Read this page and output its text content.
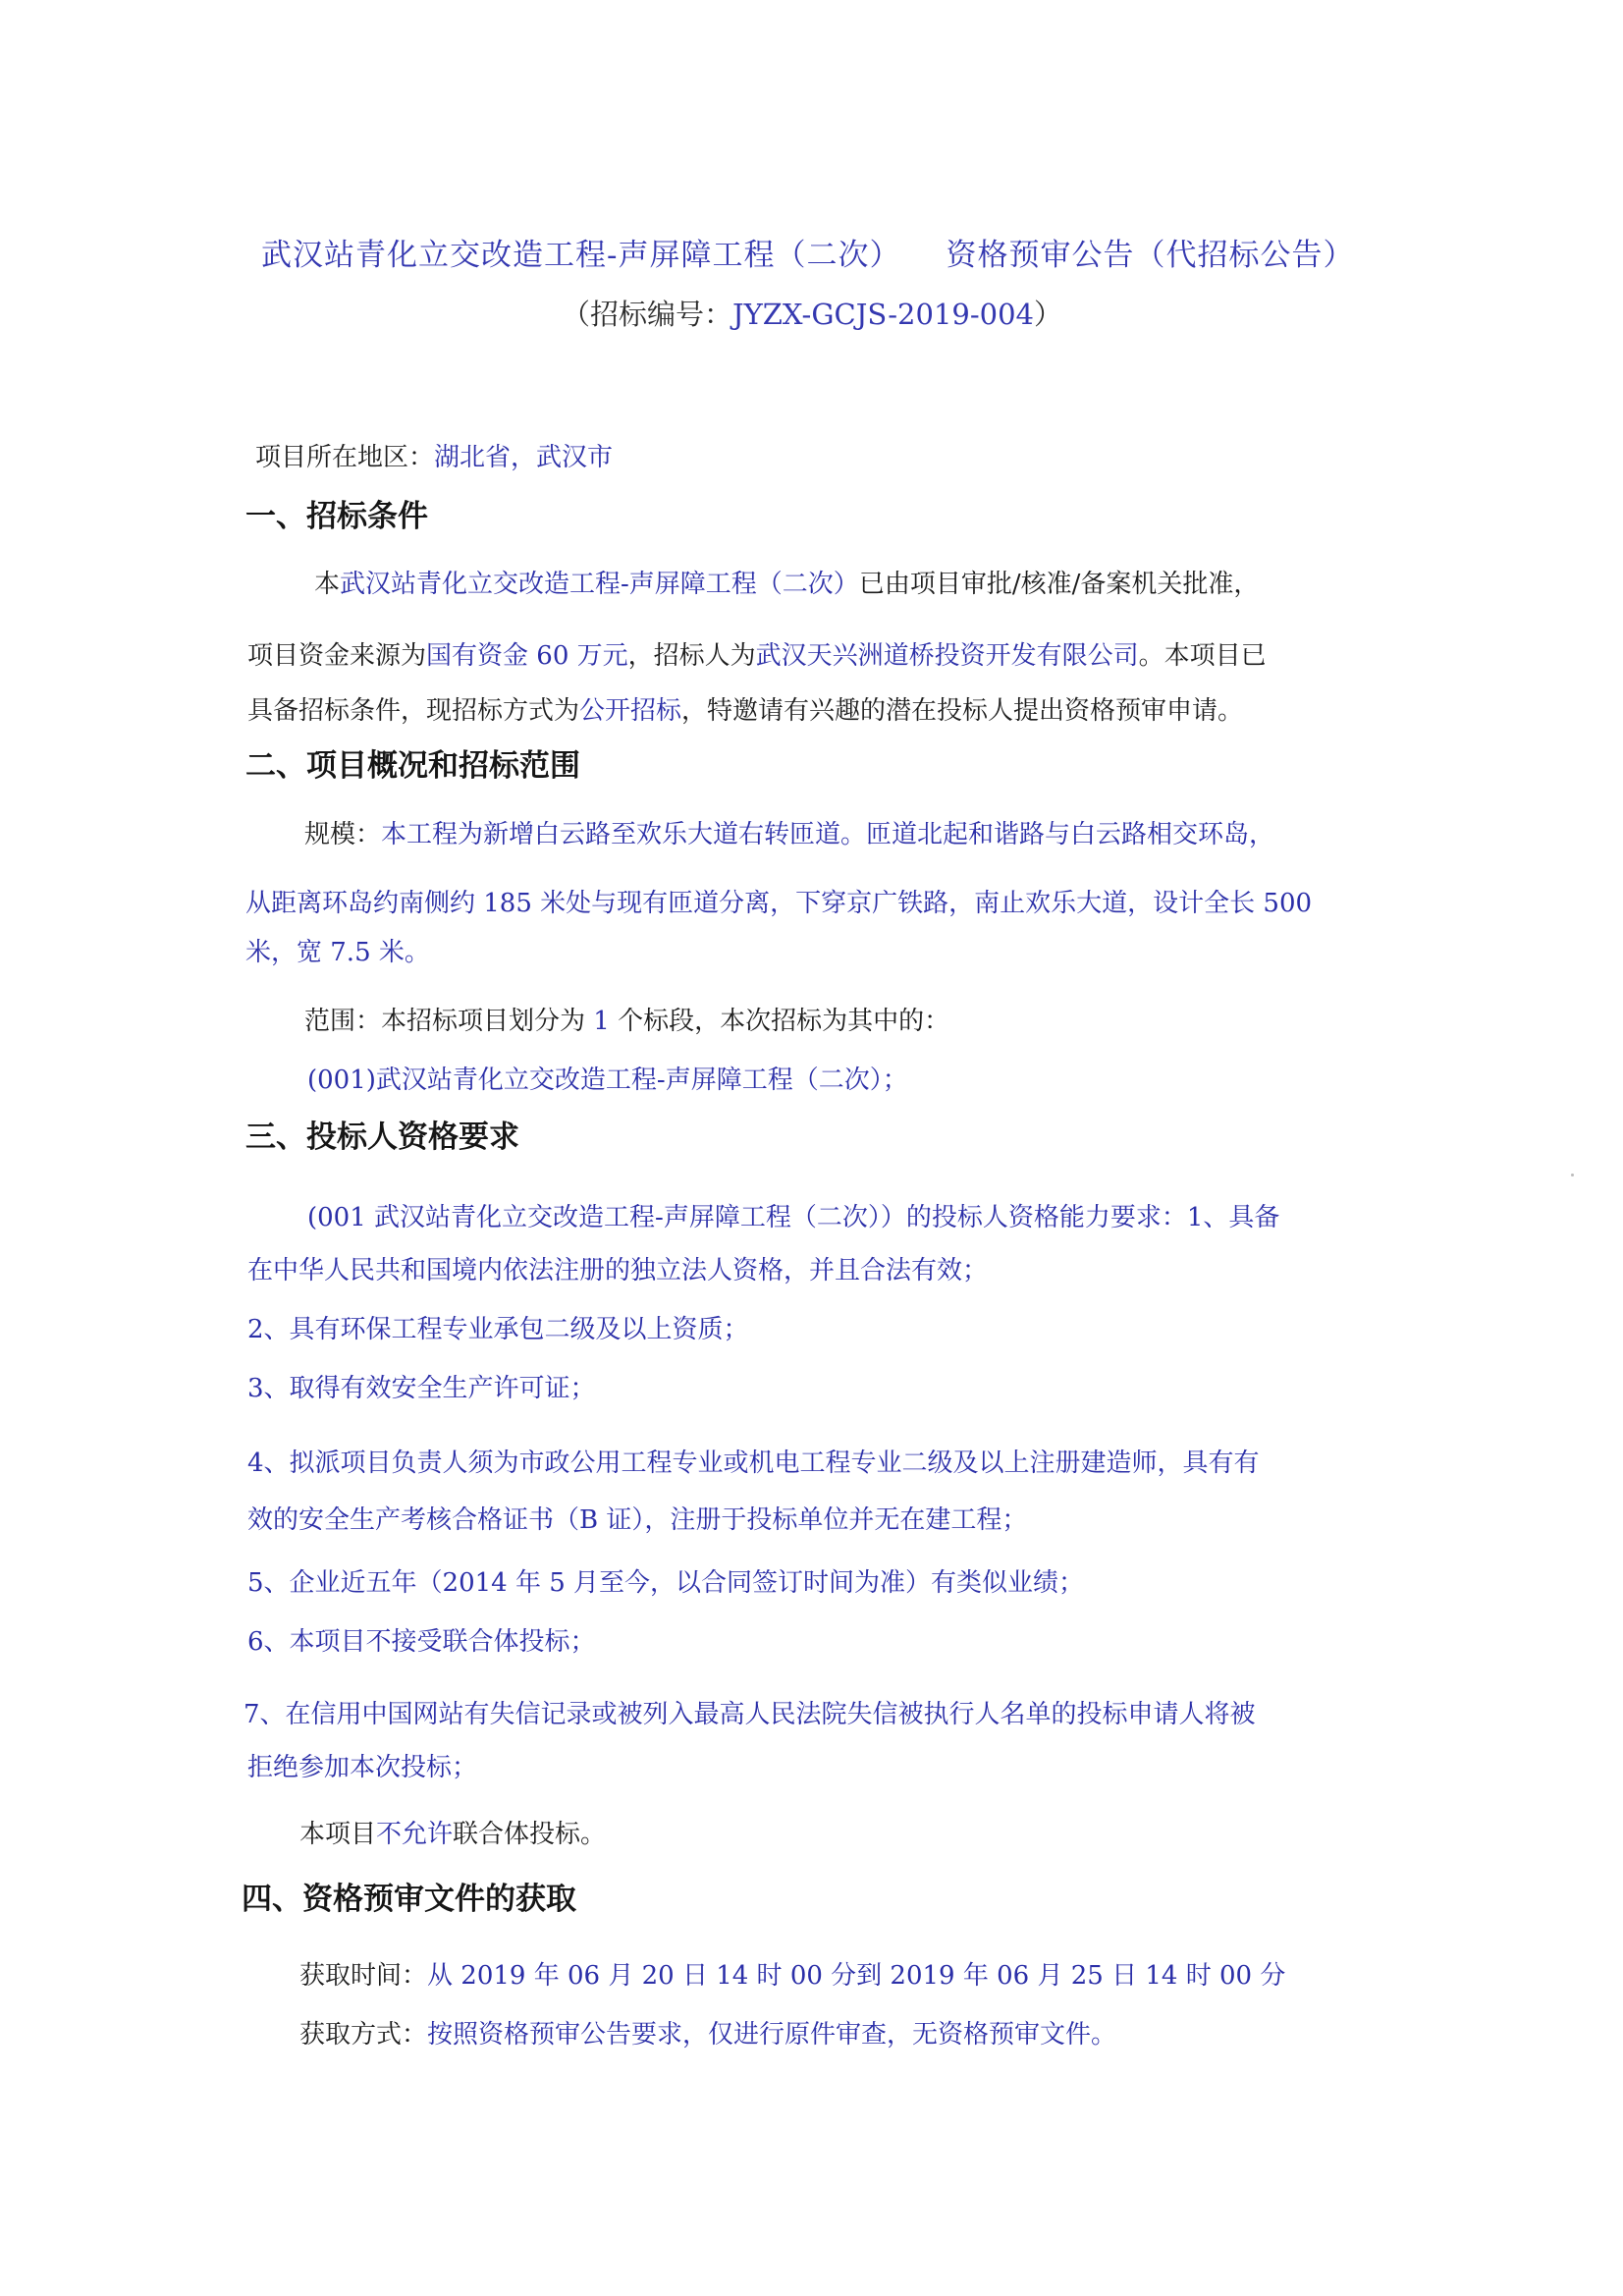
武汉站青化立交改造工程-声屏障工程（二次） 资格预审公告（代招标公告）
（招标编号：JYZX-GCJS-2019-004）
项目所在地区：湖北省，武汉市
一、招标条件
本武汉站青化立交改造工程-声屏障工程（二次）已由项目审批/核准/备案机关批准，
项目资金来源为国有资金 60 万元，招标人为武汉天兴洲道桥投资开发有限公司。本项目已
具备招标条件，现招标方式为公开招标，特邀请有兴趣的潜在投标人提出资格预审申请。
二、项目概况和招标范围
规模：本工程为新增白云路至欢乐大道右转匝道。匝道北起和谐路与白云路相交环岛，
从距离环岛约南侧约 185 米处与现有匝道分离，下穿京广铁路，南止欢乐大道，设计全长 500
米，宽 7.5 米。
范围：本招标项目划分为 1 个标段，本次招标为其中的：
(001)武汉站青化立交改造工程-声屏障工程（二次）；
三、投标人资格要求
(001 武汉站青化立交改造工程-声屏障工程（二次））的投标人资格能力要求：1、具备
在中华人民共和国境内依法注册的独立法人资格，并且合法有效；
2、具有环保工程专业承包二级及以上资质；
3、取得有效安全生产许可证；
4、拟派项目负责人须为市政公用工程专业或机电工程专业二级及以上注册建造师，具有有
效的安全生产考核合格证书（B 证），注册于投标单位并无在建工程；
5、企业近五年（2014 年 5 月至今，以合同签订时间为准）有类似业绩；
6、本项目不接受联合体投标；
7、在信用中国网站有失信记录或被列入最高人民法院失信被执行人名单的投标申请人将被
拒绝参加本次投标；
本项目不允许联合体投标。
四、资格预审文件的获取
获取时间：从 2019 年 06 月 20 日 14 时 00 分到 2019 年 06 月 25 日 14 时 00 分
获取方式：按照资格预审公告要求，仅进行原件审查，无资格预审文件。
